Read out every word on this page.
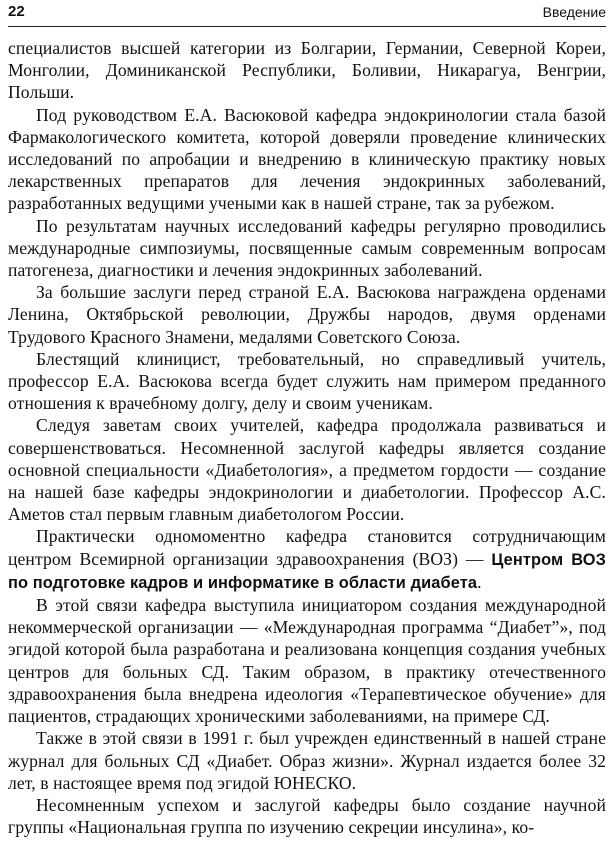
22	Введение

специалистов высшей категории из Болгарии, Германии, Северной Кореи, Монголии, Доминиканской Республики, Боливии, Никарагуа, Венгрии, Польши.

Под руководством Е.А. Васюковой кафедра эндокринологии стала базой Фармакологического комитета, которой доверяли проведение клинических исследований по апробации и внедрению в клиническую практику новых лекарственных препаратов для лечения эндокринных заболеваний, разработанных ведущими учеными как в нашей стране, так за рубежом.

По результатам научных исследований кафедры регулярно проводились международные симпозиумы, посвященные самым современным вопросам патогенеза, диагностики и лечения эндокринных заболеваний.

За большие заслуги перед страной Е.А. Васюкова награждена орденами Ленина, Октябрьской революции, Дружбы народов, двумя орденами Трудового Красного Знамени, медалями Советского Союза.

Блестящий клиницист, требовательный, но справедливый учитель, профессор Е.А. Васюкова всегда будет служить нам примером преданного отношения к врачебному долгу, делу и своим ученикам.

Следуя заветам своих учителей, кафедра продолжала развиваться и совершенствоваться. Несомненной заслугой кафедры является создание основной специальности «Диабетология», а предметом гордости — создание на нашей базе кафедры эндокринологии и диабетологии. Профессор А.С. Аметов стал первым главным диабетологом России.

Практически одномоментно кафедра становится сотрудничающим центром Всемирной организации здравоохранения (ВОЗ) — Центром ВОЗ по подготовке кадров и информатике в области диабета.

В этой связи кафедра выступила инициатором создания международной некоммерческой организации — «Международная программа “Диабет”», под эгидой которой была разработана и реализована концепция создания учебных центров для больных СД. Таким образом, в практику отечественного здравоохранения была внедрена идеология «Терапевтическое обучение» для пациентов, страдающих хроническими заболеваниями, на примере СД.

Также в этой связи в 1991 г. был учрежден единственный в нашей стране журнал для больных СД «Диабет. Образ жизни». Журнал издается более 32 лет, в настоящее время под эгидой ЮНЕСКО.

Несомненным успехом и заслугой кафедры было создание научной группы «Национальная группа по изучению секреции инсулина», ко-
